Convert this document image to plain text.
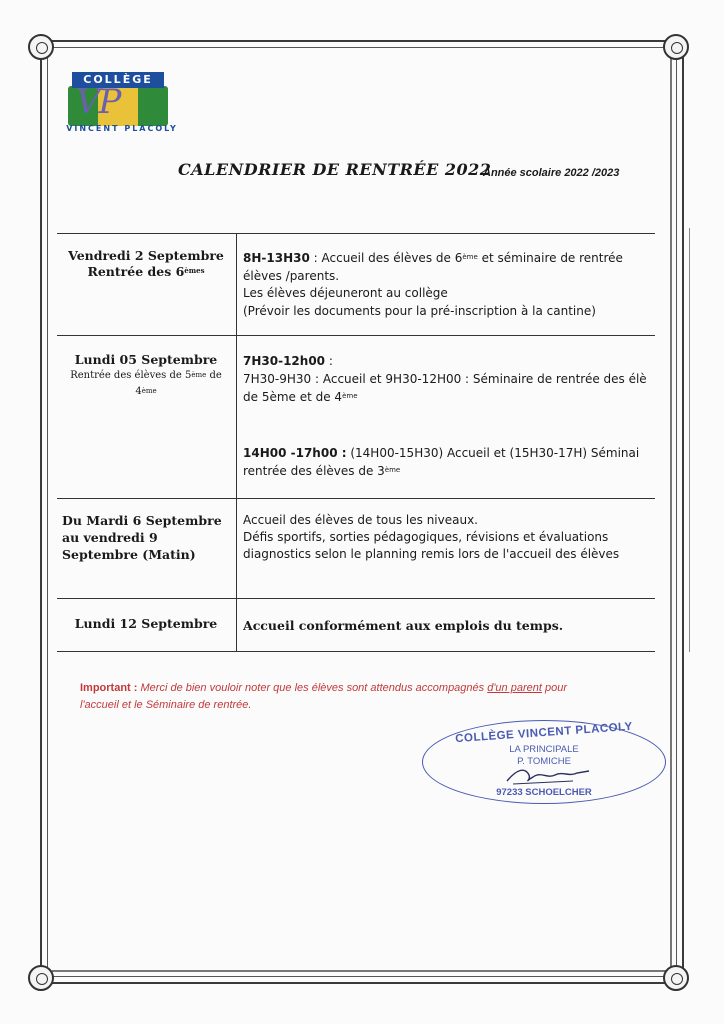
COLLÈGE
VP
VINCENT PLACOLY
CALENDRIER DE RENTRÉE 2022
Année scolaire 2022 /2023
Vendredi 2 Septembre
Rentrée des 6èmes
8H-13H30 : Accueil des élèves de 6ème et séminaire de rentrée
élèves /parents.
Les élèves déjeuneront au collège
(Prévoir les documents pour la pré-inscription à la cantine)
Lundi 05 Septembre
Rentrée des élèves de 5ème de
4ème
7H30-12h00 :
7H30-9H30 : Accueil et 9H30-12H00 : Séminaire de rentrée des élè
de 5ème et de 4ème
14H00 -17h00 : (14H00-15H30) Accueil et (15H30-17H) Séminai
rentrée des élèves de 3ème
Du Mardi 6 Septembre
au vendredi 9
Septembre (Matin)
Accueil des élèves de tous les niveaux.
Défis sportifs, sorties pédagogiques, révisions et évaluations
diagnostics selon le planning remis lors de l'accueil des élèves
Lundi 12 Septembre	Accueil conformément aux emplois du temps.
Important : Merci de bien vouloir noter que les élèves sont attendus accompagnés d'un parent pour
l'accueil et le Séminaire de rentrée.
COLLÈGE VINCENT PLACOLY
LA PRINCIPALE
P. TOMICHE
97233 SCHOELCHER
